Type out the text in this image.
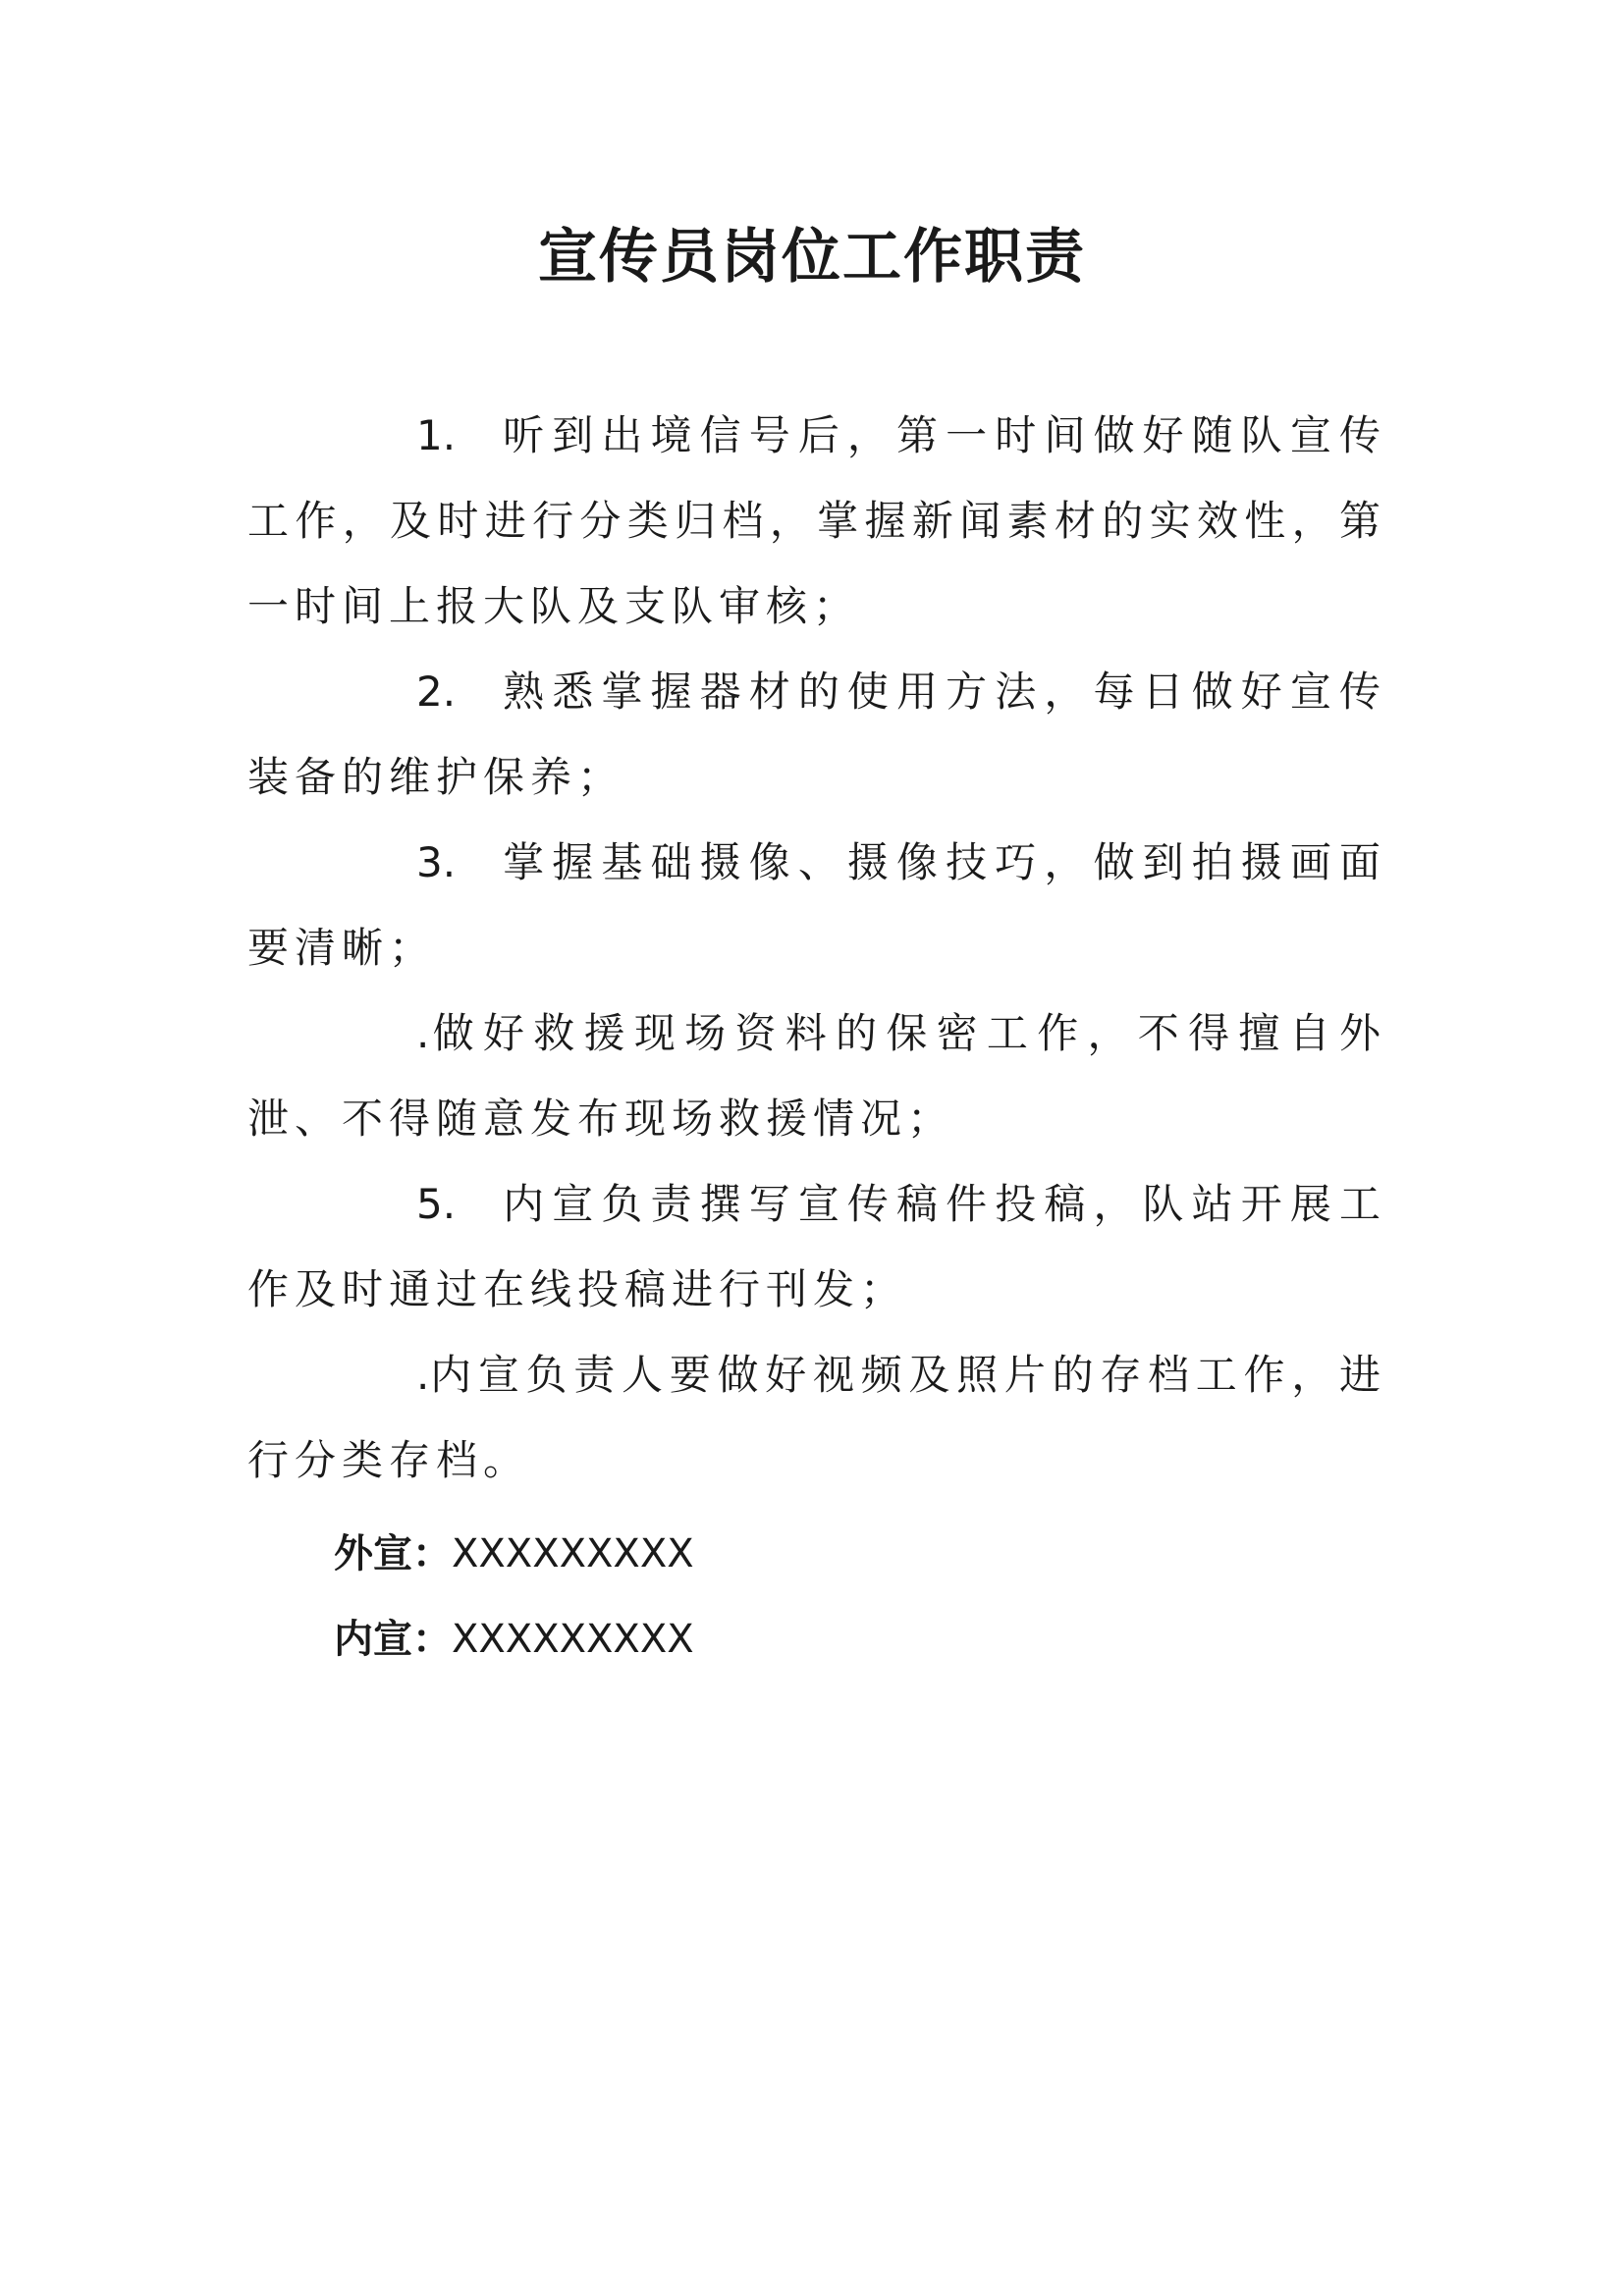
宣传员岗位工作职责

1. 听到出境信号后，第一时间做好随队宣传工作，及时进行分类归档，掌握新闻素材的实效性，第一时间上报大队及支队审核；

2. 熟悉掌握器材的使用方法，每日做好宣传装备的维护保养；

3. 掌握基础摄像、摄像技巧，做到拍摄画面要清晰；

.做好救援现场资料的保密工作，不得擅自外泄、不得随意发布现场救援情况；

5. 内宣负责撰写宣传稿件投稿，队站开展工作及时通过在线投稿进行刊发；

.内宣负责人要做好视频及照片的存档工作，进行分类存档。

外宣：XXXXXXXXX

内宣：XXXXXXXXX
